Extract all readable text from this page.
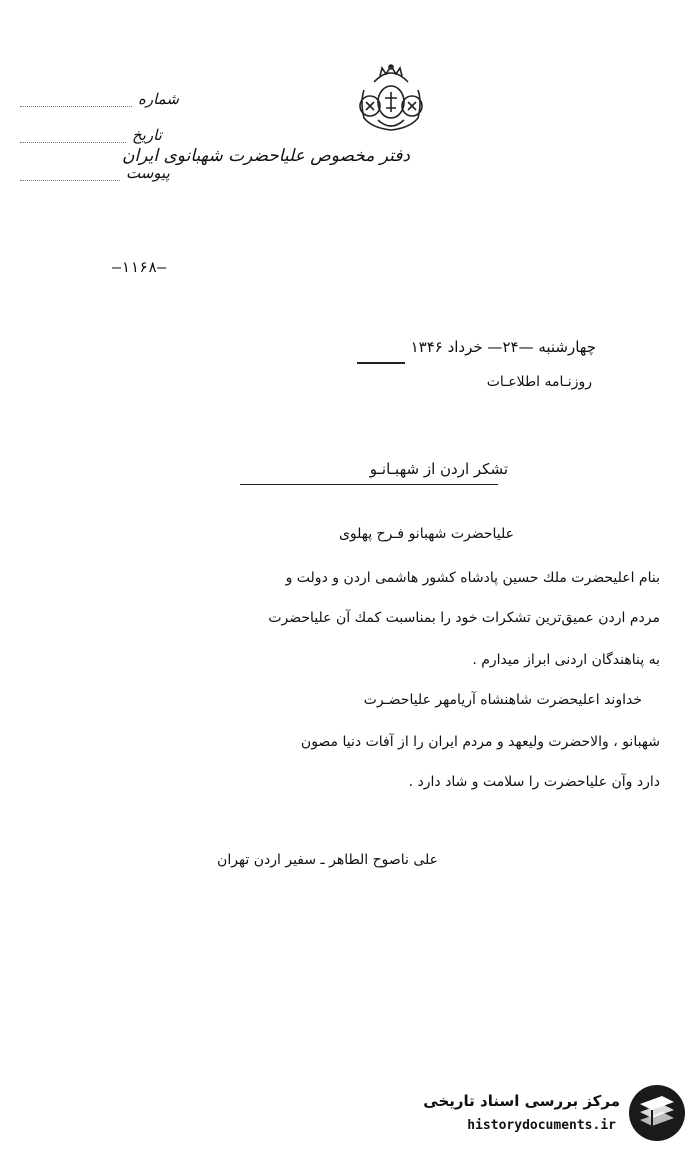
دفتر مخصوص علیاحضرت شهبانوی ایران
شماره
تاریخ
پیوست
—١١۶٨—
چهارشنبه —٢۴— خرداد ١٣۴۶
روزنـامه اطلاعـات
تشکر اردن از شهبـانـو
علیاحضرت شهبانو فـرح پهلوی
بنام اعلیحضرت ملك حسین پادشاه کشور هاشمی اردن و دولت و
مردم اردن عمیق‌ترین تشکرات خود را بمناسبت کمك آن علیاحضرت
به پناهندگان اردنی ابراز میدارم .
خداوند اعلیحضرت شاهنشاه آریامهر علیاحضـرت
شهبانو ، والاحضرت ولیعهد و مردم ایران را از آفات دنیا مصون
دارد وآن علیاحضرت را سلامت و شاد دارد .
علی ناصوح الطاهر ـ سفیر اردن تهران
مرکز بررسی اسناد تاریخی
historydocuments.ir
